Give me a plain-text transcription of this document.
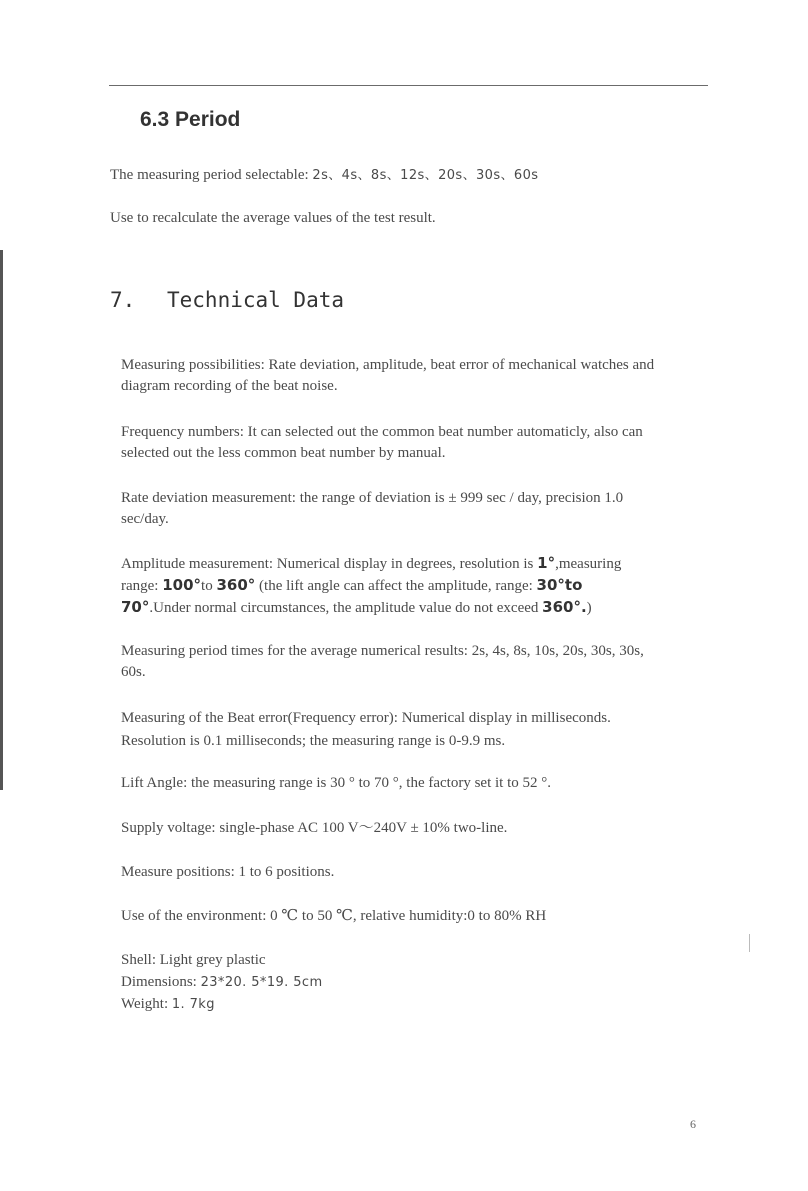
6.3 Period
The measuring period selectable: 2s、4s、8s、12s、20s、30s、60s
Use to recalculate the average values of the test result.
7. Technical Data
Measuring possibilities: Rate deviation, amplitude, beat error of mechanical watches and
diagram recording of the beat noise.
Frequency numbers: It can selected out the common beat number automaticly, also can
selected out the less common beat number by manual.
Rate deviation measurement: the range of deviation is ± 999 sec / day, precision 1.0
sec/day.
Amplitude measurement: Numerical display in degrees, resolution is 1°,measuring
range: 100°to 360° (the lift angle can affect the amplitude, range: 30°to
70°.Under normal circumstances, the amplitude value do not exceed 360°.)
Measuring period times for the average numerical results: 2s, 4s, 8s, 10s, 20s, 30s, 30s,
60s.
Measuring of the Beat error(Frequency error): Numerical display in milliseconds.
Resolution is 0.1 milliseconds; the measuring range is 0-9.9 ms.
Lift Angle: the measuring range is 30 ° to 70 °, the factory set it to 52 °.
Supply voltage: single-phase AC 100 V～240V ± 10% two-line.
Measure positions: 1 to 6 positions.
Use of the environment: 0 ℃ to 50 ℃, relative humidity:0 to 80% RH
Shell: Light grey plastic
Dimensions: 23*20. 5*19. 5cm
Weight: 1. 7kg
6
